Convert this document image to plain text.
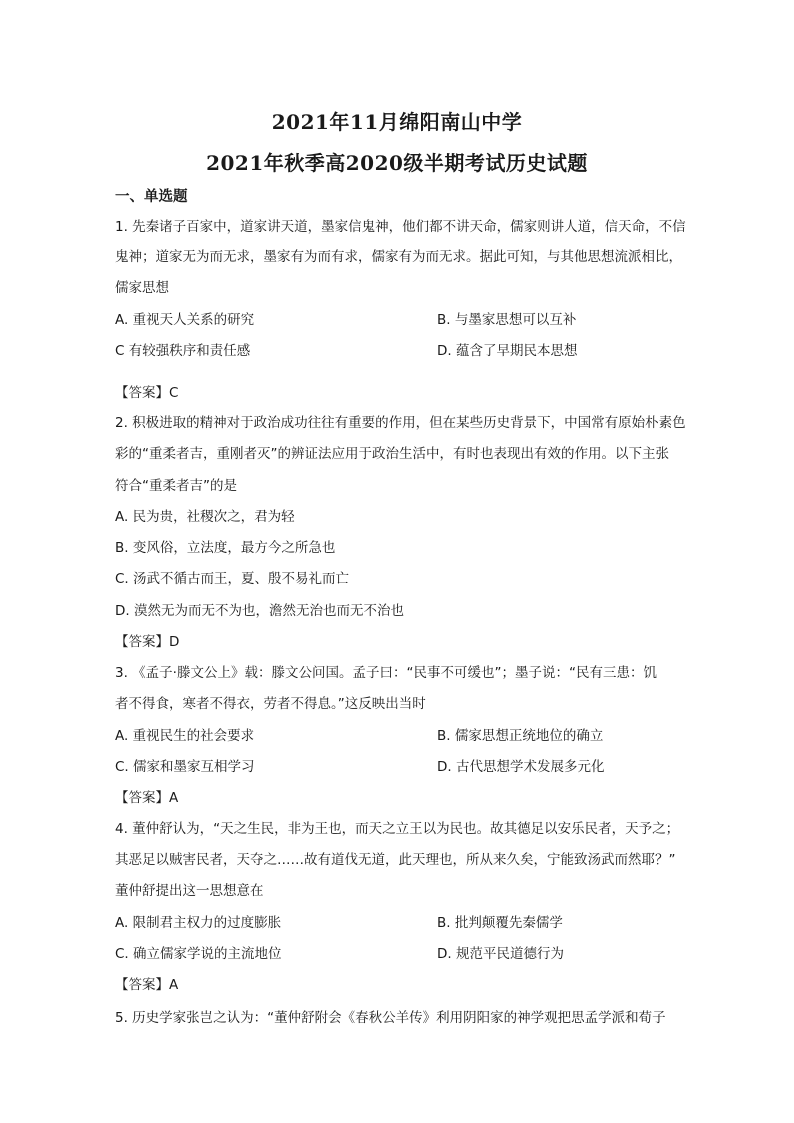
2021年11月绵阳南山中学
2021年秋季高2020级半期考试历史试题
一、单选题
1. 先秦诸子百家中，道家讲天道，墨家信鬼神，他们都不讲天命，儒家则讲人道，信天命，不信
鬼神；道家无为而无求，墨家有为而有求，儒家有为而无求。据此可知，与其他思想流派相比，
儒家思想
A. 重视天人关系的研究	B. 与墨家思想可以互补
C 有较强秩序和责任感	D. 蕴含了早期民本思想
【答案】C
2. 积极进取的精神对于政治成功往往有重要的作用，但在某些历史背景下，中国常有原始朴素色
彩的“重柔者吉，重刚者灭”的辨证法应用于政治生活中，有时也表现出有效的作用。以下主张
符合“重柔者吉”的是
A. 民为贵，社稷次之，君为轻
B. 变风俗，立法度，最方今之所急也
C. 汤武不循古而王，夏、殷不易礼而亡
D. 漠然无为而无不为也，澹然无治也而无不治也
【答案】D
3. 《孟子·滕文公上》载：滕文公问国。孟子曰：“民事不可缓也”；墨子说：“民有三患：饥
者不得食，寒者不得衣，劳者不得息。”这反映出当时
A. 重视民生的社会要求	B. 儒家思想正统地位的确立
C. 儒家和墨家互相学习	D. 古代思想学术发展多元化
【答案】A
4. 董仲舒认为，“天之生民，非为王也，而天之立王以为民也。故其德足以安乐民者，天予之；
其恶足以贼害民者，天夺之……故有道伐无道，此天理也，所从来久矣，宁能致汤武而然耶？”
董仲舒提出这一思想意在
A. 限制君主权力的过度膨胀	B. 批判颠覆先秦儒学
C. 确立儒家学说的主流地位	D. 规范平民道德行为
【答案】A
5. 历史学家张岂之认为：“董仲舒附会《春秋公羊传》利用阴阳家的神学观把思孟学派和荀子
